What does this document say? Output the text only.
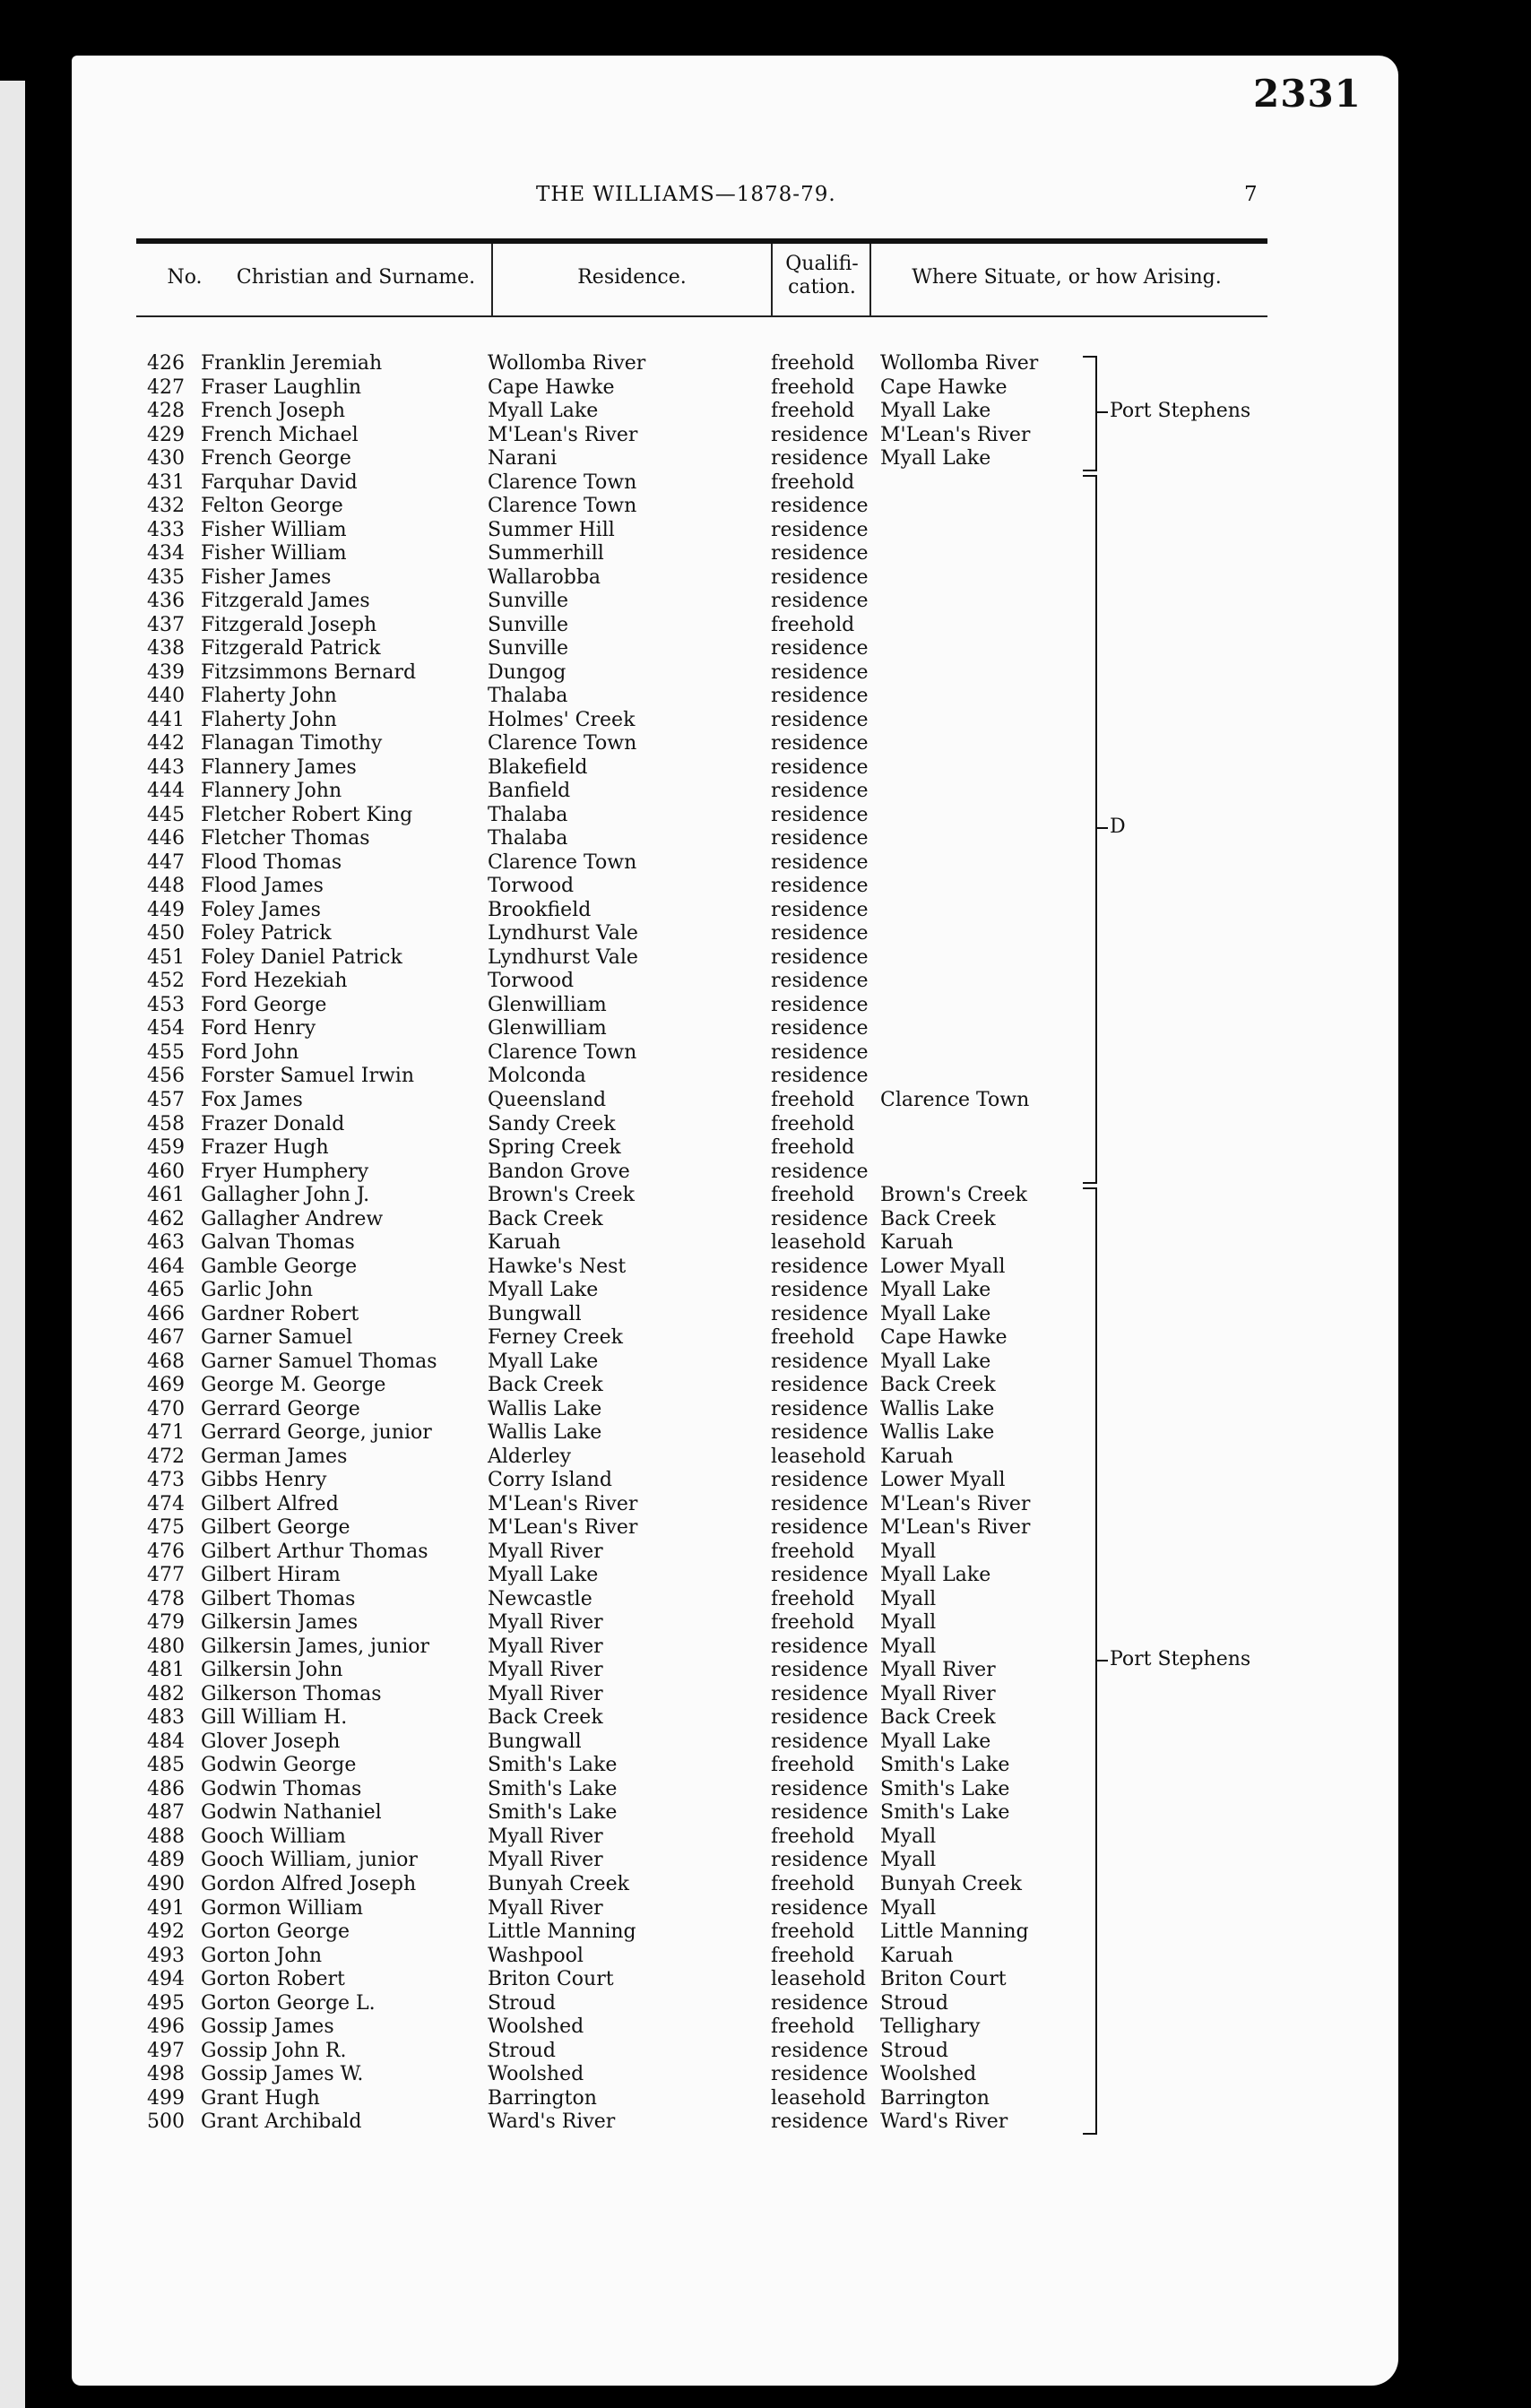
2331
THE WILLIAMS—1878-79.	7
No. Christian and Surname.	Residence.
Qualifi- cation.	Where Situate, or how Arising.
426 Franklin Jeremiah	Wollomba River	freehold Wollomba River
427 Fraser Laughlin	Cape Hawke	freehold Cape Hawke
428 French Joseph	Myall Lake	freehold Myall Lake
429 French Michael	M'Lean's River	residence M'Lean's River
430 French George	Narani	residence Myall Lake
431 Farquhar David	Clarence Town	freehold
432 Felton George	Clarence Town	residence
433 Fisher William	Summer Hill	residence
434 Fisher William	Summerhill	residence
435 Fisher James	Wallarobba	residence
436 Fitzgerald James	Sunville	residence
437 Fitzgerald Joseph	Sunville	freehold
438 Fitzgerald Patrick	Sunville	residence
439 Fitzsimmons Bernard	Dungog	residence
440 Flaherty John	Thalaba	residence
441 Flaherty John	Holmes' Creek	residence
442 Flanagan Timothy	Clarence Town	residence
443 Flannery James	Blakefield	residence
444 Flannery John	Banfield	residence
445 Fletcher Robert King	Thalaba	residence
446 Fletcher Thomas	Thalaba	residence
447 Flood Thomas	Clarence Town	residence
448 Flood James	Torwood	residence
449 Foley James	Brookfield	residence
450 Foley Patrick	Lyndhurst Vale	residence
451 Foley Daniel Patrick	Lyndhurst Vale	residence
452 Ford Hezekiah	Torwood	residence
453 Ford George	Glenwilliam	residence
454 Ford Henry	Glenwilliam	residence
455 Ford John	Clarence Town	residence
456 Forster Samuel Irwin	Molconda	residence
457 Fox James	Queensland	freehold Clarence Town
458 Frazer Donald	Sandy Creek	freehold
459 Frazer Hugh	Spring Creek	freehold
460 Fryer Humphery	Bandon Grove	residence
461 Gallagher John J.	Brown's Creek	freehold Brown's Creek
462 Gallagher Andrew	Back Creek	residence Back Creek
463 Galvan Thomas	Karuah	leasehold Karuah
464 Gamble George	Hawke's Nest	residence Lower Myall
465 Garlic John	Myall Lake	residence Myall Lake
466 Gardner Robert	Bungwall	residence Myall Lake
467 Garner Samuel	Ferney Creek	freehold Cape Hawke
468 Garner Samuel Thomas	Myall Lake	residence Myall Lake
469 George M. George	Back Creek	residence Back Creek
470 Gerrard George	Wallis Lake	residence Wallis Lake
471 Gerrard George, junior	Wallis Lake	residence Wallis Lake
472 German James	Alderley	leasehold Karuah
473 Gibbs Henry	Corry Island	residence Lower Myall
474 Gilbert Alfred	M'Lean's River	residence M'Lean's River
475 Gilbert George	M'Lean's River	residence M'Lean's River
476 Gilbert Arthur Thomas	Myall River	freehold Myall
477 Gilbert Hiram	Myall Lake	residence Myall Lake
478 Gilbert Thomas	Newcastle	freehold Myall
479 Gilkersin James	Myall River	freehold Myall
480 Gilkersin James, junior	Myall River	residence Myall
481 Gilkersin John	Myall River	residence Myall River
482 Gilkerson Thomas	Myall River	residence Myall River
483 Gill William H.	Back Creek	residence Back Creek
484 Glover Joseph	Bungwall	residence Myall Lake
485 Godwin George	Smith's Lake	freehold Smith's Lake
486 Godwin Thomas	Smith's Lake	residence Smith's Lake
487 Godwin Nathaniel	Smith's Lake	residence Smith's Lake
488 Gooch William	Myall River	freehold Myall
489 Gooch William, junior	Myall River	residence Myall
490 Gordon Alfred Joseph	Bunyah Creek	freehold Bunyah Creek
491 Gormon William	Myall River	residence Myall
492 Gorton George	Little Manning	freehold Little Manning
493 Gorton John	Washpool	freehold Karuah
494 Gorton Robert	Briton Court	leasehold Briton Court
495 Gorton George L.	Stroud	residence Stroud
496 Gossip James	Woolshed	freehold Tellighary
497 Gossip John R.	Stroud	residence Stroud
498 Gossip James W.	Woolshed	residence Woolshed
499 Grant Hugh	Barrington	leasehold Barrington
500 Grant Archibald	Ward's River	residence Ward's River
Port Stephens
D
Port Stephens
